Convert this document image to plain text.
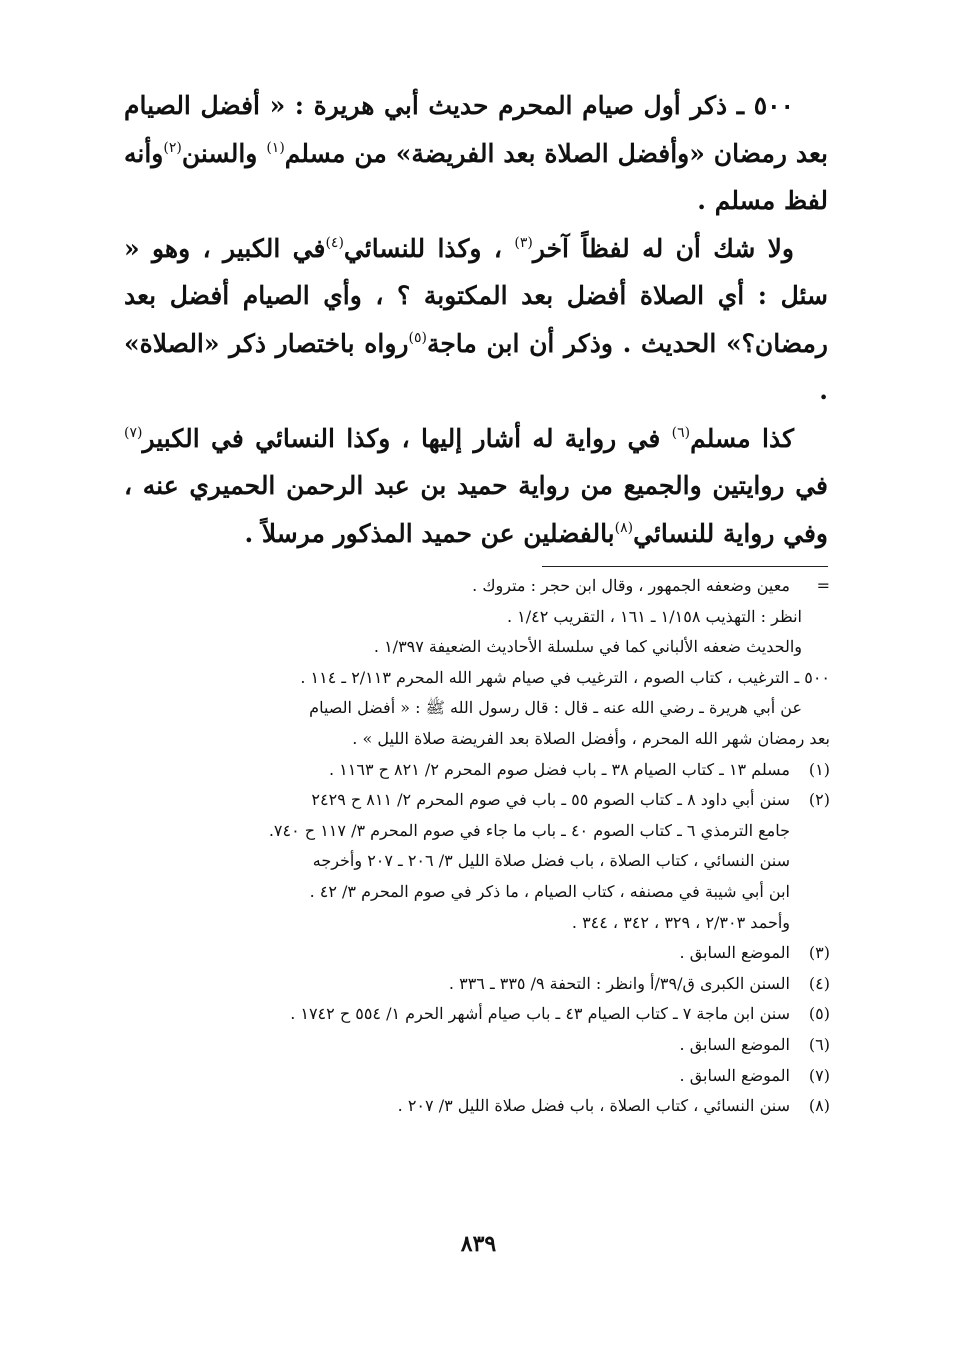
٥٠٠ ـ ذكر أول صيام المحرم حديث أبي هريرة : « أفضل الصيام بعد رمضان «وأفضل الصلاة بعد الفريضة» من مسلم$^{(١)}$ والسنن$^{(٢)}$وأنه لفظ مسلم .

ولا شك أن له لفظاً آخر$^{(٣)}$ ، وكذا للنسائي$^{(٤)}$في الكبير ، وهو « سئل : أي الصلاة أفضل بعد المكتوبة ؟ ، وأي الصيام أفضل بعد رمضان؟» الحديث . وذكر أن ابن ماجة$^{(٥)}$رواه باختصار ذكر «الصلاة» .

كذا مسلم$^{(٦)}$ في رواية له أشار إليها ، وكذا النسائي في الكبير$^{(٧)}$ في روايتين والجميع من رواية حميد بن عبد الرحمن الحميري عنه ، وفي رواية للنسائي$^{(٨)}$بالفضلين عن حميد المذكور مرسلاً .

=
معين وضعفه الجمهور ، وقال ابن حجر : متروك .
انظر : التهذيب ١/١٥٨ ـ ١٦١ ، التقريب ١/٤٢ .
والحديث ضعفه الألباني كما في سلسلة الأحاديث الضعيفة ١/٣٩٧ .
٥٠٠ ـ الترغيب ، كتاب الصوم ، الترغيب في صيام شهر الله المحرم ٢/١١٣ ـ ١١٤ .
عن أبي هريرة ـ رضي الله عنه ـ قال : قال رسول الله ﷺ : « أفضل الصيام
بعد رمضان شهر الله المحرم ، وأفضل الصلاة بعد الفريضة صلاة الليل » .
(١)
مسلم ١٣ ـ كتاب الصيام ٣٨ ـ باب فضل صوم المحرم ٢/ ٨٢١ ح ١١٦٣ .
(٢)
سنن أبي داود ٨ ـ كتاب الصوم ٥٥ ـ باب في صوم المحرم ٢/ ٨١١ ح ٢٤٢٩
جامع الترمذي ٦ ـ كتاب الصوم ٤٠ ـ باب ما جاء في صوم المحرم ٣/ ١١٧ ح ٧٤٠.
سنن النسائي ، كتاب الصلاة ، باب فضل صلاة الليل ٣/ ٢٠٦ ـ ٢٠٧ وأخرجه
ابن أبي شيبة في مصنفه ، كتاب الصيام ، ما ذكر في صوم المحرم ٣/ ٤٢ .
وأحمد ٢/٣٠٣ ، ٣٢٩ ، ٣٤٢ ، ٣٤٤ .
(٣)
الموضع السابق .
(٤)
السنن الكبرى ق/٣٩/أ وانظر : التحفة ٩/ ٣٣٥ ـ ٣٣٦ .
(٥)
سنن ابن ماجة ٧ ـ كتاب الصيام ٤٣ ـ باب صيام أشهر الحرم ١/ ٥٥٤ ح ١٧٤٢ .
(٦)
الموضع السابق .
(٧)
الموضع السابق .
(٨)
سنن النسائي ، كتاب الصلاة ، باب فضل صلاة الليل ٣/ ٢٠٧ .
٨٣٩
